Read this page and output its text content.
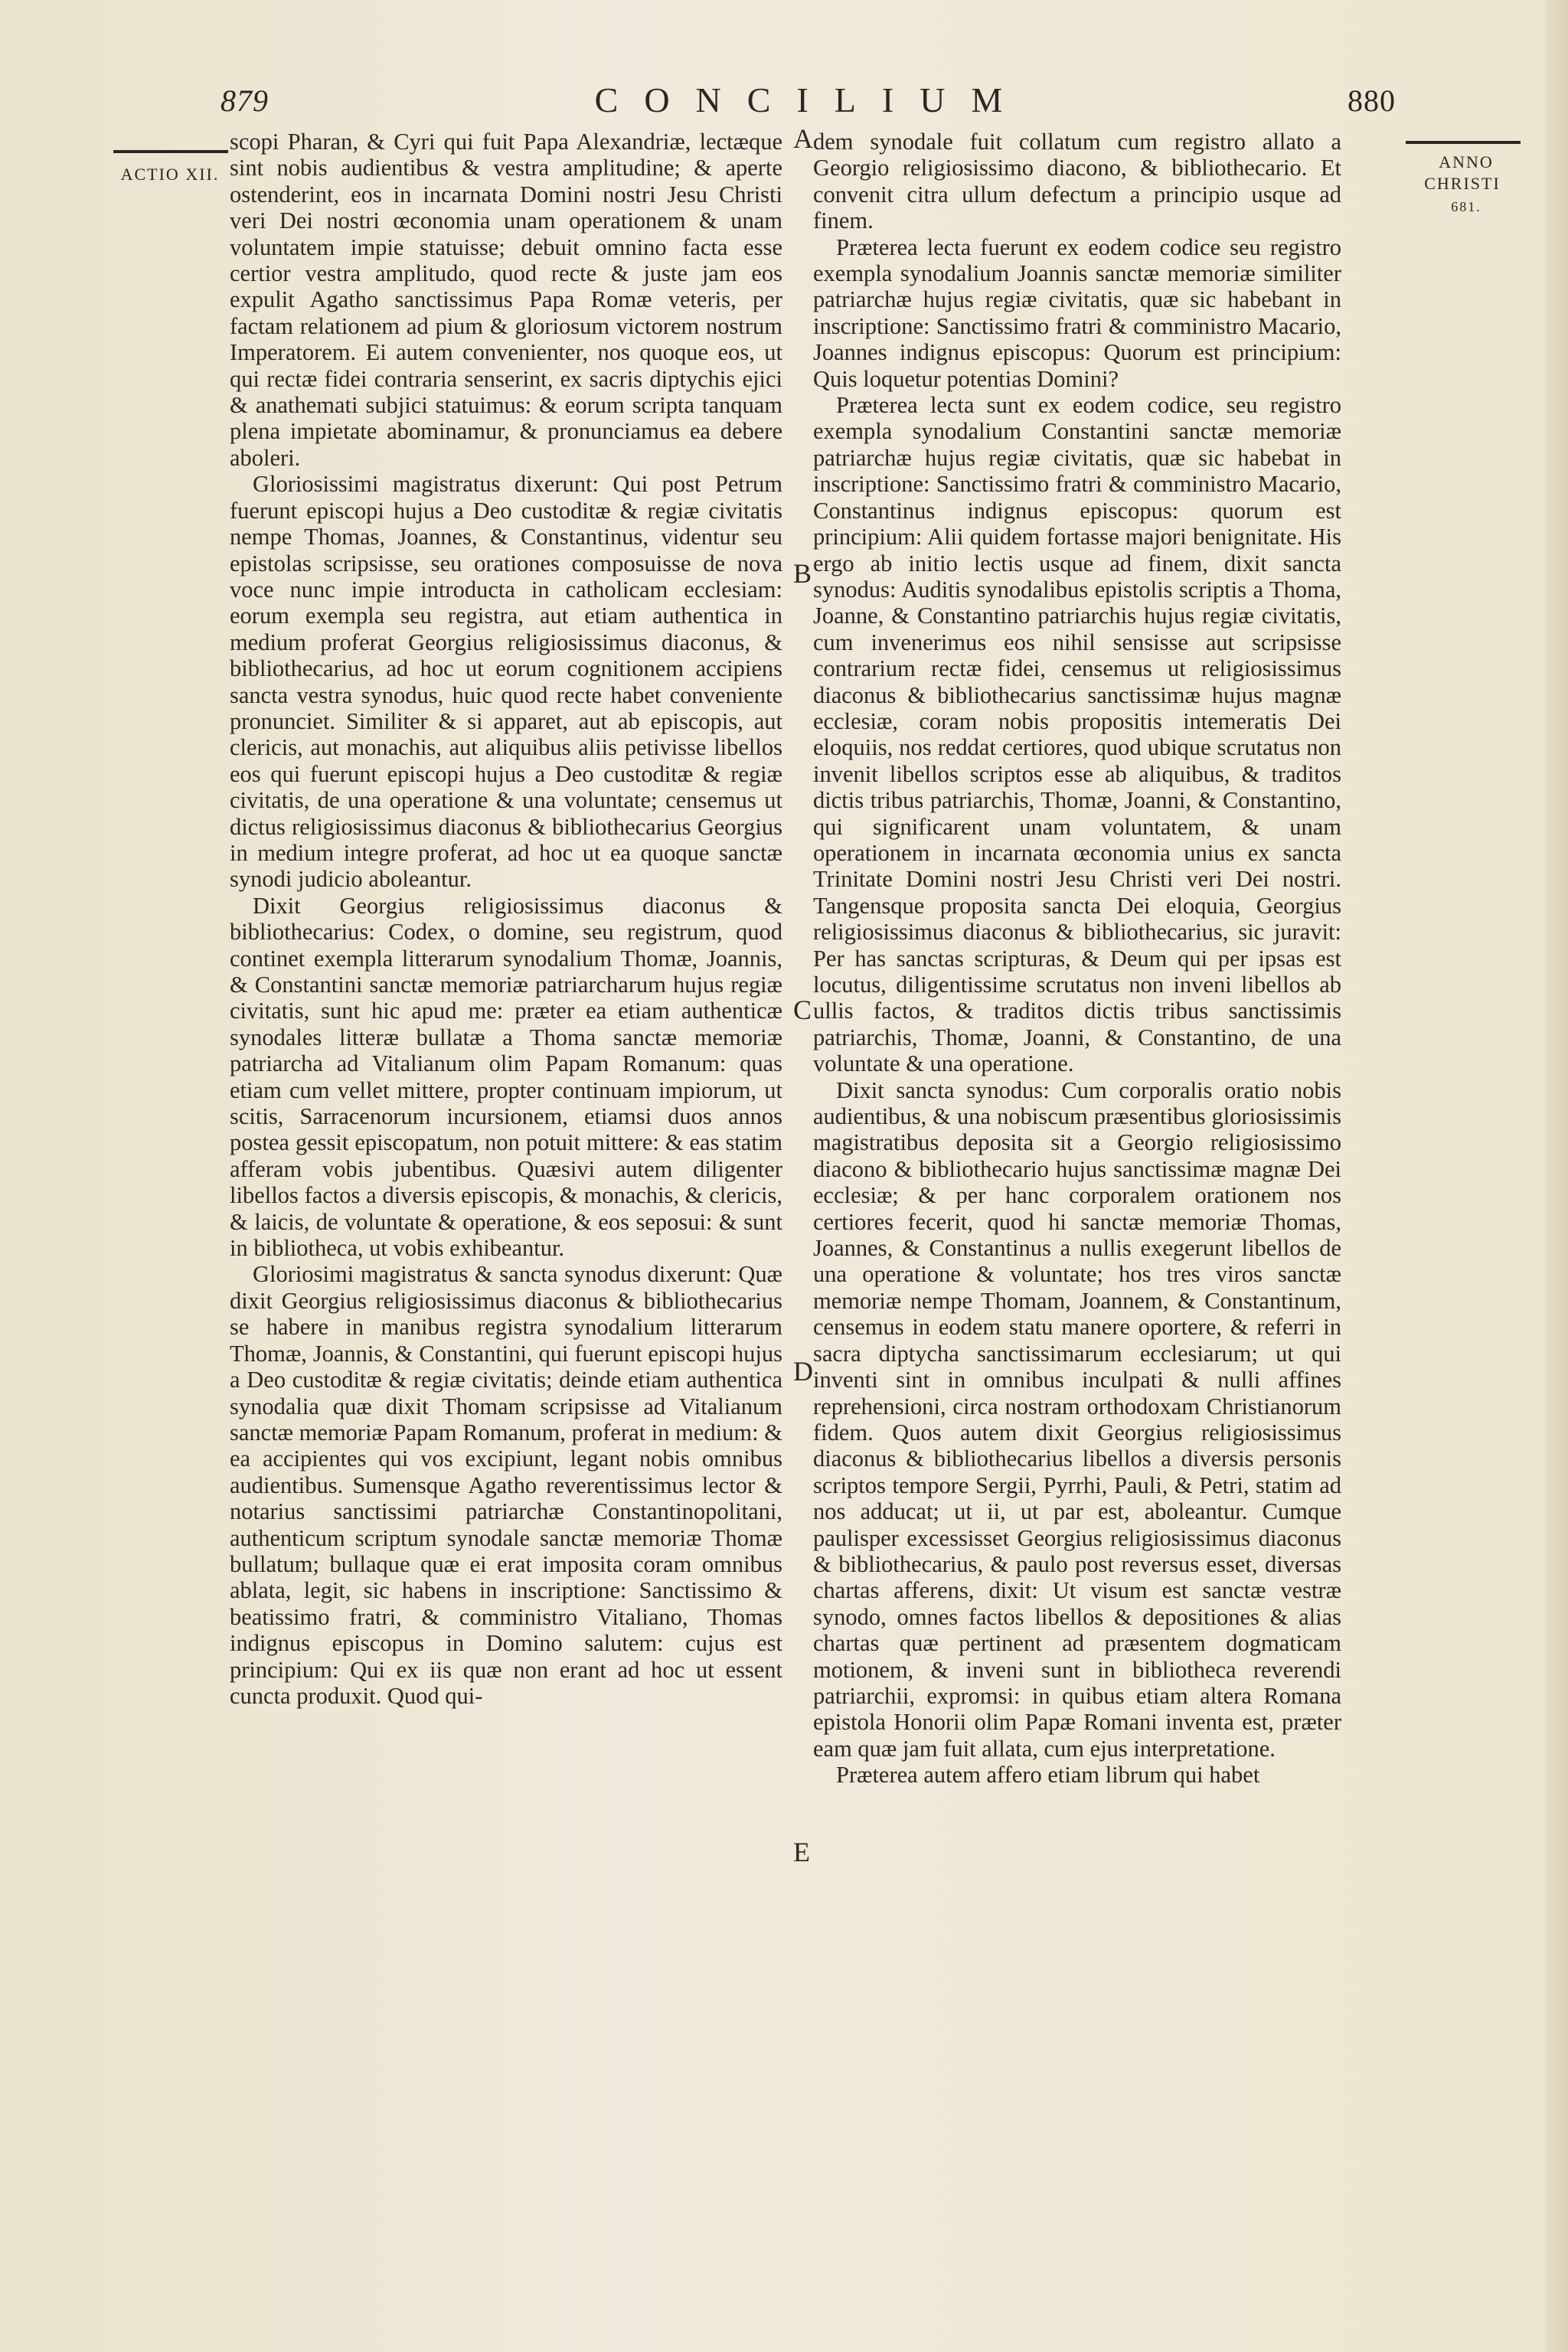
879	CONCILIUM	880
ACTIO XII.
ANNO
CHRISTI
681.
A
B
C
D
E

scopi Pharan, & Cyri qui fuit Papa Alexandriæ, lectæque sint nobis audientibus & vestra amplitudine; & aperte ostenderint, eos in incarnata Domini nostri Jesu Christi veri Dei nostri œconomia unam operationem & unam voluntatem impie statuisse; debuit omnino facta esse certior vestra amplitudo, quod recte & juste jam eos expulit Agatho sanctissimus Papa Romæ veteris, per factam relationem ad pium & gloriosum victorem nostrum Imperatorem. Ei autem convenienter, nos quoque eos, ut qui rectæ fidei contraria senserint, ex sacris diptychis ejici & anathemati subjici statuimus: & eorum scripta tanquam plena impietate abominamur, & pronunciamus ea debere aboleri.

Gloriosissimi magistratus dixerunt: Qui post Petrum fuerunt episcopi hujus a Deo custoditæ & regiæ civitatis nempe Thomas, Joannes, & Constantinus, videntur seu epistolas scripsisse, seu orationes composuisse de nova voce nunc impie introducta in catholicam ecclesiam: eorum exempla seu registra, aut etiam authentica in medium proferat Georgius religiosissimus diaconus, & bibliothecarius, ad hoc ut eorum cognitionem accipiens sancta vestra synodus, huic quod recte habet conveniente pronunciet. Similiter & si apparet, aut ab episcopis, aut clericis, aut monachis, aut aliquibus aliis petivisse libellos eos qui fuerunt episcopi hujus a Deo custoditæ & regiæ civitatis, de una operatione & una voluntate; censemus ut dictus religiosissimus diaconus & bibliothecarius Georgius in medium integre proferat, ad hoc ut ea quoque sanctæ synodi judicio aboleantur.

Dixit Georgius religiosissimus diaconus & bibliothecarius: Codex, o domine, seu registrum, quod continet exempla litterarum synodalium Thomæ, Joannis, & Constantini sanctæ memoriæ patriarcharum hujus regiæ civitatis, sunt hic apud me: præter ea etiam authenticæ synodales litteræ bullatæ a Thoma sanctæ memoriæ patriarcha ad Vitalianum olim Papam Romanum: quas etiam cum vellet mittere, propter continuam impiorum, ut scitis, Sarracenorum incursionem, etiamsi duos annos postea gessit episcopatum, non potuit mittere: & eas statim afferam vobis jubentibus. Quæsivi autem diligenter libellos factos a diversis episcopis, & monachis, & clericis, & laicis, de voluntate & operatione, & eos seposui: & sunt in bibliotheca, ut vobis exhibeantur.

Gloriosimi magistratus & sancta synodus dixerunt: Quæ dixit Georgius religiosissimus diaconus & bibliothecarius se habere in manibus registra synodalium litterarum Thomæ, Joannis, & Constantini, qui fuerunt episcopi hujus a Deo custoditæ & regiæ civitatis; deinde etiam authentica synodalia quæ dixit Thomam scripsisse ad Vitalianum sanctæ memoriæ Papam Romanum, proferat in medium: & ea accipientes qui vos excipiunt, legant nobis omnibus audientibus. Sumensque Agatho reverentissimus lector & notarius sanctissimi patriarchæ Constantinopolitani, authenticum scriptum synodale sanctæ memoriæ Thomæ bullatum; bullaque quæ ei erat imposita coram omnibus ablata, legit, sic habens in inscriptione: Sanctissimo & beatissimo fratri, & comministro Vitaliano, Thomas indignus episcopus in Domino salutem: cujus est principium: Qui ex iis quæ non erant ad hoc ut essent cuncta produxit. Quod qui-

dem synodale fuit collatum cum registro allato a Georgio religiosissimo diacono, & bibliothecario. Et convenit citra ullum defectum a principio usque ad finem.

Præterea lecta fuerunt ex eodem codice seu registro exempla synodalium Joannis sanctæ memoriæ similiter patriarchæ hujus regiæ civitatis, quæ sic habebant in inscriptione: Sanctissimo fratri & comministro Macario, Joannes indignus episcopus: Quorum est principium: Quis loquetur potentias Domini?

Præterea lecta sunt ex eodem codice, seu registro exempla synodalium Constantini sanctæ memoriæ patriarchæ hujus regiæ civitatis, quæ sic habebat in inscriptione: Sanctissimo fratri & comministro Macario, Constantinus indignus episcopus: quorum est principium: Alii quidem fortasse majori benignitate. His ergo ab initio lectis usque ad finem, dixit sancta synodus: Auditis synodalibus epistolis scriptis a Thoma, Joanne, & Constantino patriarchis hujus regiæ civitatis, cum invenerimus eos nihil sensisse aut scripsisse contrarium rectæ fidei, censemus ut religiosissimus diaconus & bibliothecarius sanctissimæ hujus magnæ ecclesiæ, coram nobis propositis intemeratis Dei eloquiis, nos reddat certiores, quod ubique scrutatus non invenit libellos scriptos esse ab aliquibus, & traditos dictis tribus patriarchis, Thomæ, Joanni, & Constantino, qui significarent unam voluntatem, & unam operationem in incarnata œconomia unius ex sancta Trinitate Domini nostri Jesu Christi veri Dei nostri. Tangensque proposita sancta Dei eloquia, Georgius religiosissimus diaconus & bibliothecarius, sic juravit: Per has sanctas scripturas, & Deum qui per ipsas est locutus, diligentissime scrutatus non inveni libellos ab ullis factos, & traditos dictis tribus sanctissimis patriarchis, Thomæ, Joanni, & Constantino, de una voluntate & una operatione.

Dixit sancta synodus: Cum corporalis oratio nobis audientibus, & una nobiscum præsentibus gloriosissimis magistratibus deposita sit a Georgio religiosissimo diacono & bibliothecario hujus sanctissimæ magnæ Dei ecclesiæ; & per hanc corporalem orationem nos certiores fecerit, quod hi sanctæ memoriæ Thomas, Joannes, & Constantinus a nullis exegerunt libellos de una operatione & voluntate; hos tres viros sanctæ memoriæ nempe Thomam, Joannem, & Constantinum, censemus in eodem statu manere oportere, & referri in sacra diptycha sanctissimarum ecclesiarum; ut qui inventi sint in omnibus inculpati & nulli affines reprehensioni, circa nostram orthodoxam Christianorum fidem. Quos autem dixit Georgius religiosissimus diaconus & bibliothecarius libellos a diversis personis scriptos tempore Sergii, Pyrrhi, Pauli, & Petri, statim ad nos adducat; ut ii, ut par est, aboleantur. Cumque paulisper excessisset Georgius religiosissimus diaconus & bibliothecarius, & paulo post reversus esset, diversas chartas afferens, dixit: Ut visum est sanctæ vestræ synodo, omnes factos libellos & depositiones & alias chartas quæ pertinent ad præsentem dogmaticam motionem, & inveni sunt in bibliotheca reverendi patriarchii, expromsi: in quibus etiam altera Romana epistola Honorii olim Papæ Romani inventa est, præter eam quæ jam fuit allata, cum ejus interpretatione.

Præterea autem affero etiam librum qui habet
